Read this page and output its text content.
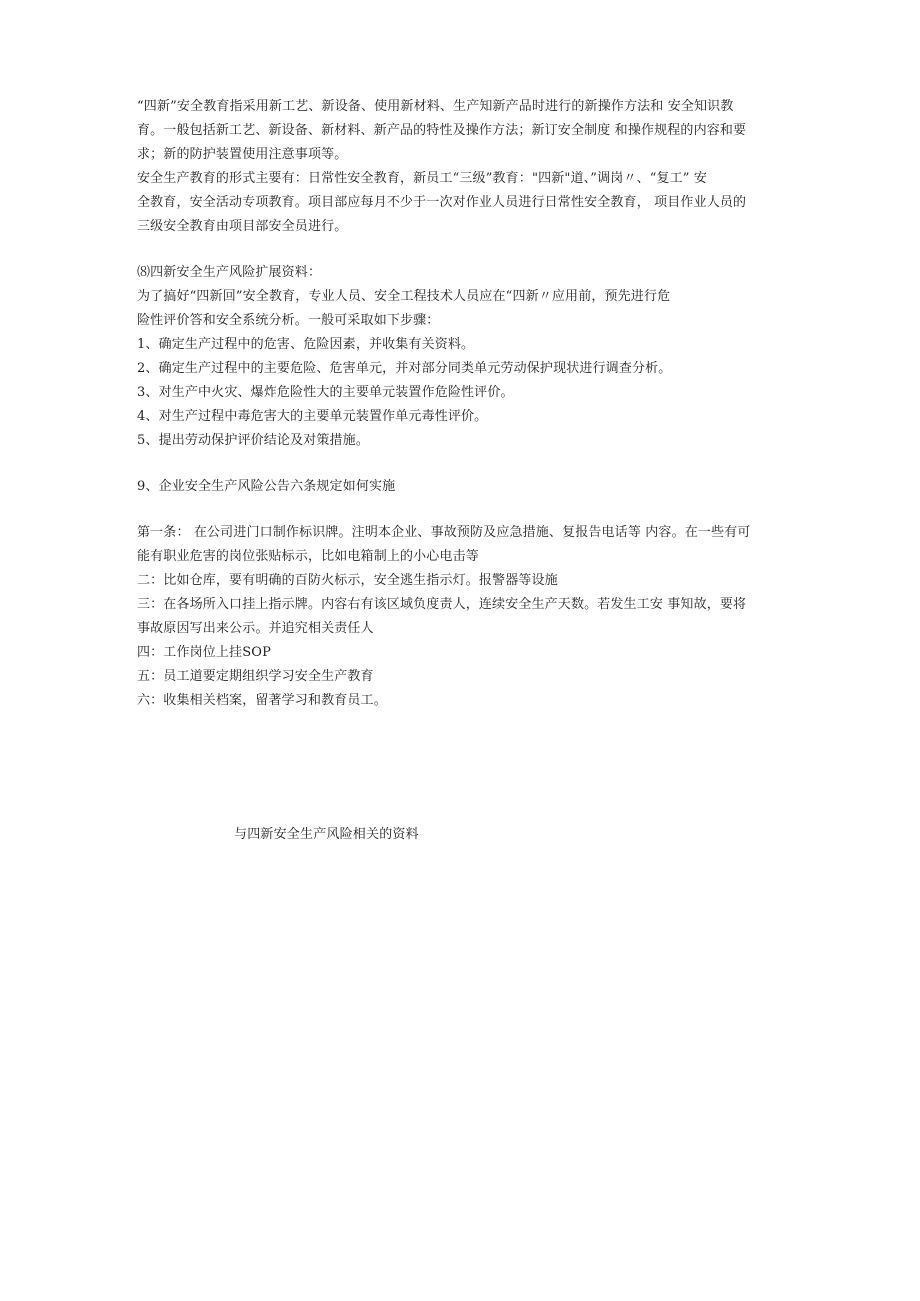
“四新”安全教育指采用新工艺、新设备、使用新材料、生产知新产品时进行的新操作方法和 安全知识教
育。一般包括新工艺、新设备、新材料、新产品的特性及操作方法；新订安全制度 和操作规程的内容和要
求；新的防护装置使用注意事项等。
安全生产教育的形式主要有：日常性安全教育，新员工“三级”教育："四新"道、”调岗〃、“复工” 安
全教育，安全活动专项教育。项目部应每月不少于一次对作业人员进行日常性安全教育， 项目作业人员的
三级安全教育由项目部安全员进行。
⑻四新安全生产风险扩展资料：
为了搞好“四新回”安全教育，专业人员、安全工程技术人员应在“四新〃应用前，预先进行危
险性评价答和安全系统分析。一般可采取如下步骤：
1、确定生产过程中的危害、危险因素，并收集有关资料。
2、确定生产过程中的主要危险、危害单元，并对部分同类单元劳动保护现状进行调查分析。
3、对生产中火灾、爆炸危险性大的主要单元装置作危险性评价。
4、对生产过程中毒危害大的主要单元装置作单元毒性评价。
5、提出劳动保护评价结论及对策措施。
9、企业安全生产风险公告六条规定如何实施
第一条： 在公司进门口制作标识牌。注明本企业、事故预防及应急措施、复报告电话等 内容。在一些有可
能有职业危害的岗位张贴标示，比如电箱制上的小心电击等
二：比如仓库，要有明确的百防火标示，安全逃生指示灯。报警器等设施
三：在各场所入口挂上指示牌。内容右有该区域负度责人，连续安全生产天数。若发生工安 事知故，要将
事故原因写出来公示。并追究相关责任人
四：工作岗位上挂SOP
五：员工道要定期组织学习安全生产教育
六：收集相关档案，留著学习和教育员工。
与四新安全生产风险相关的资料
